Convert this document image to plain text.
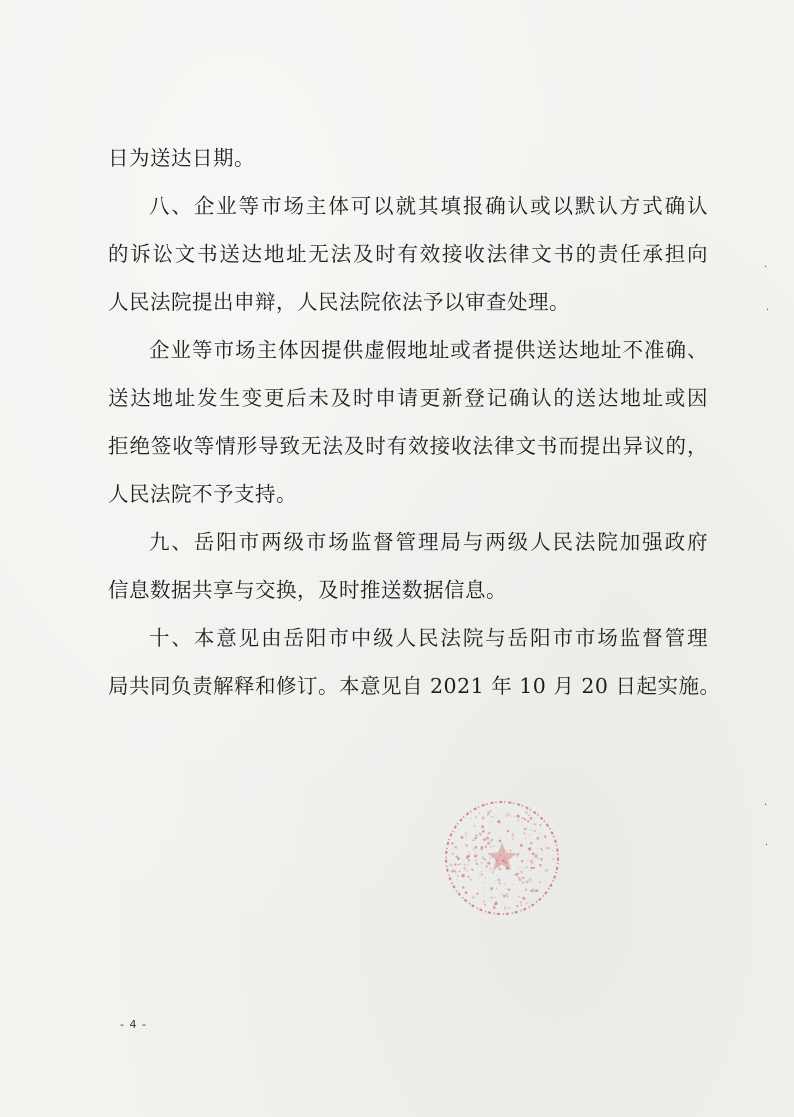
日为送达日期。
八、企业等市场主体可以就其填报确认或以默认方式确认
的诉讼文书送达地址无法及时有效接收法律文书的责任承担向
人民法院提出申辩，人民法院依法予以审查处理。
企业等市场主体因提供虚假地址或者提供送达地址不准确、
送达地址发生变更后未及时申请更新登记确认的送达地址或因
拒绝签收等情形导致无法及时有效接收法律文书而提出异议的，
人民法院不予支持。
九、岳阳市两级市场监督管理局与两级人民法院加强政府
信息数据共享与交换，及时推送数据信息。
十、本意见由岳阳市中级人民法院与岳阳市市场监督管理
局共同负责解释和修订。本意见自 2021 年 10 月 20 日起实施。
·
·
·
·
- 4 -
